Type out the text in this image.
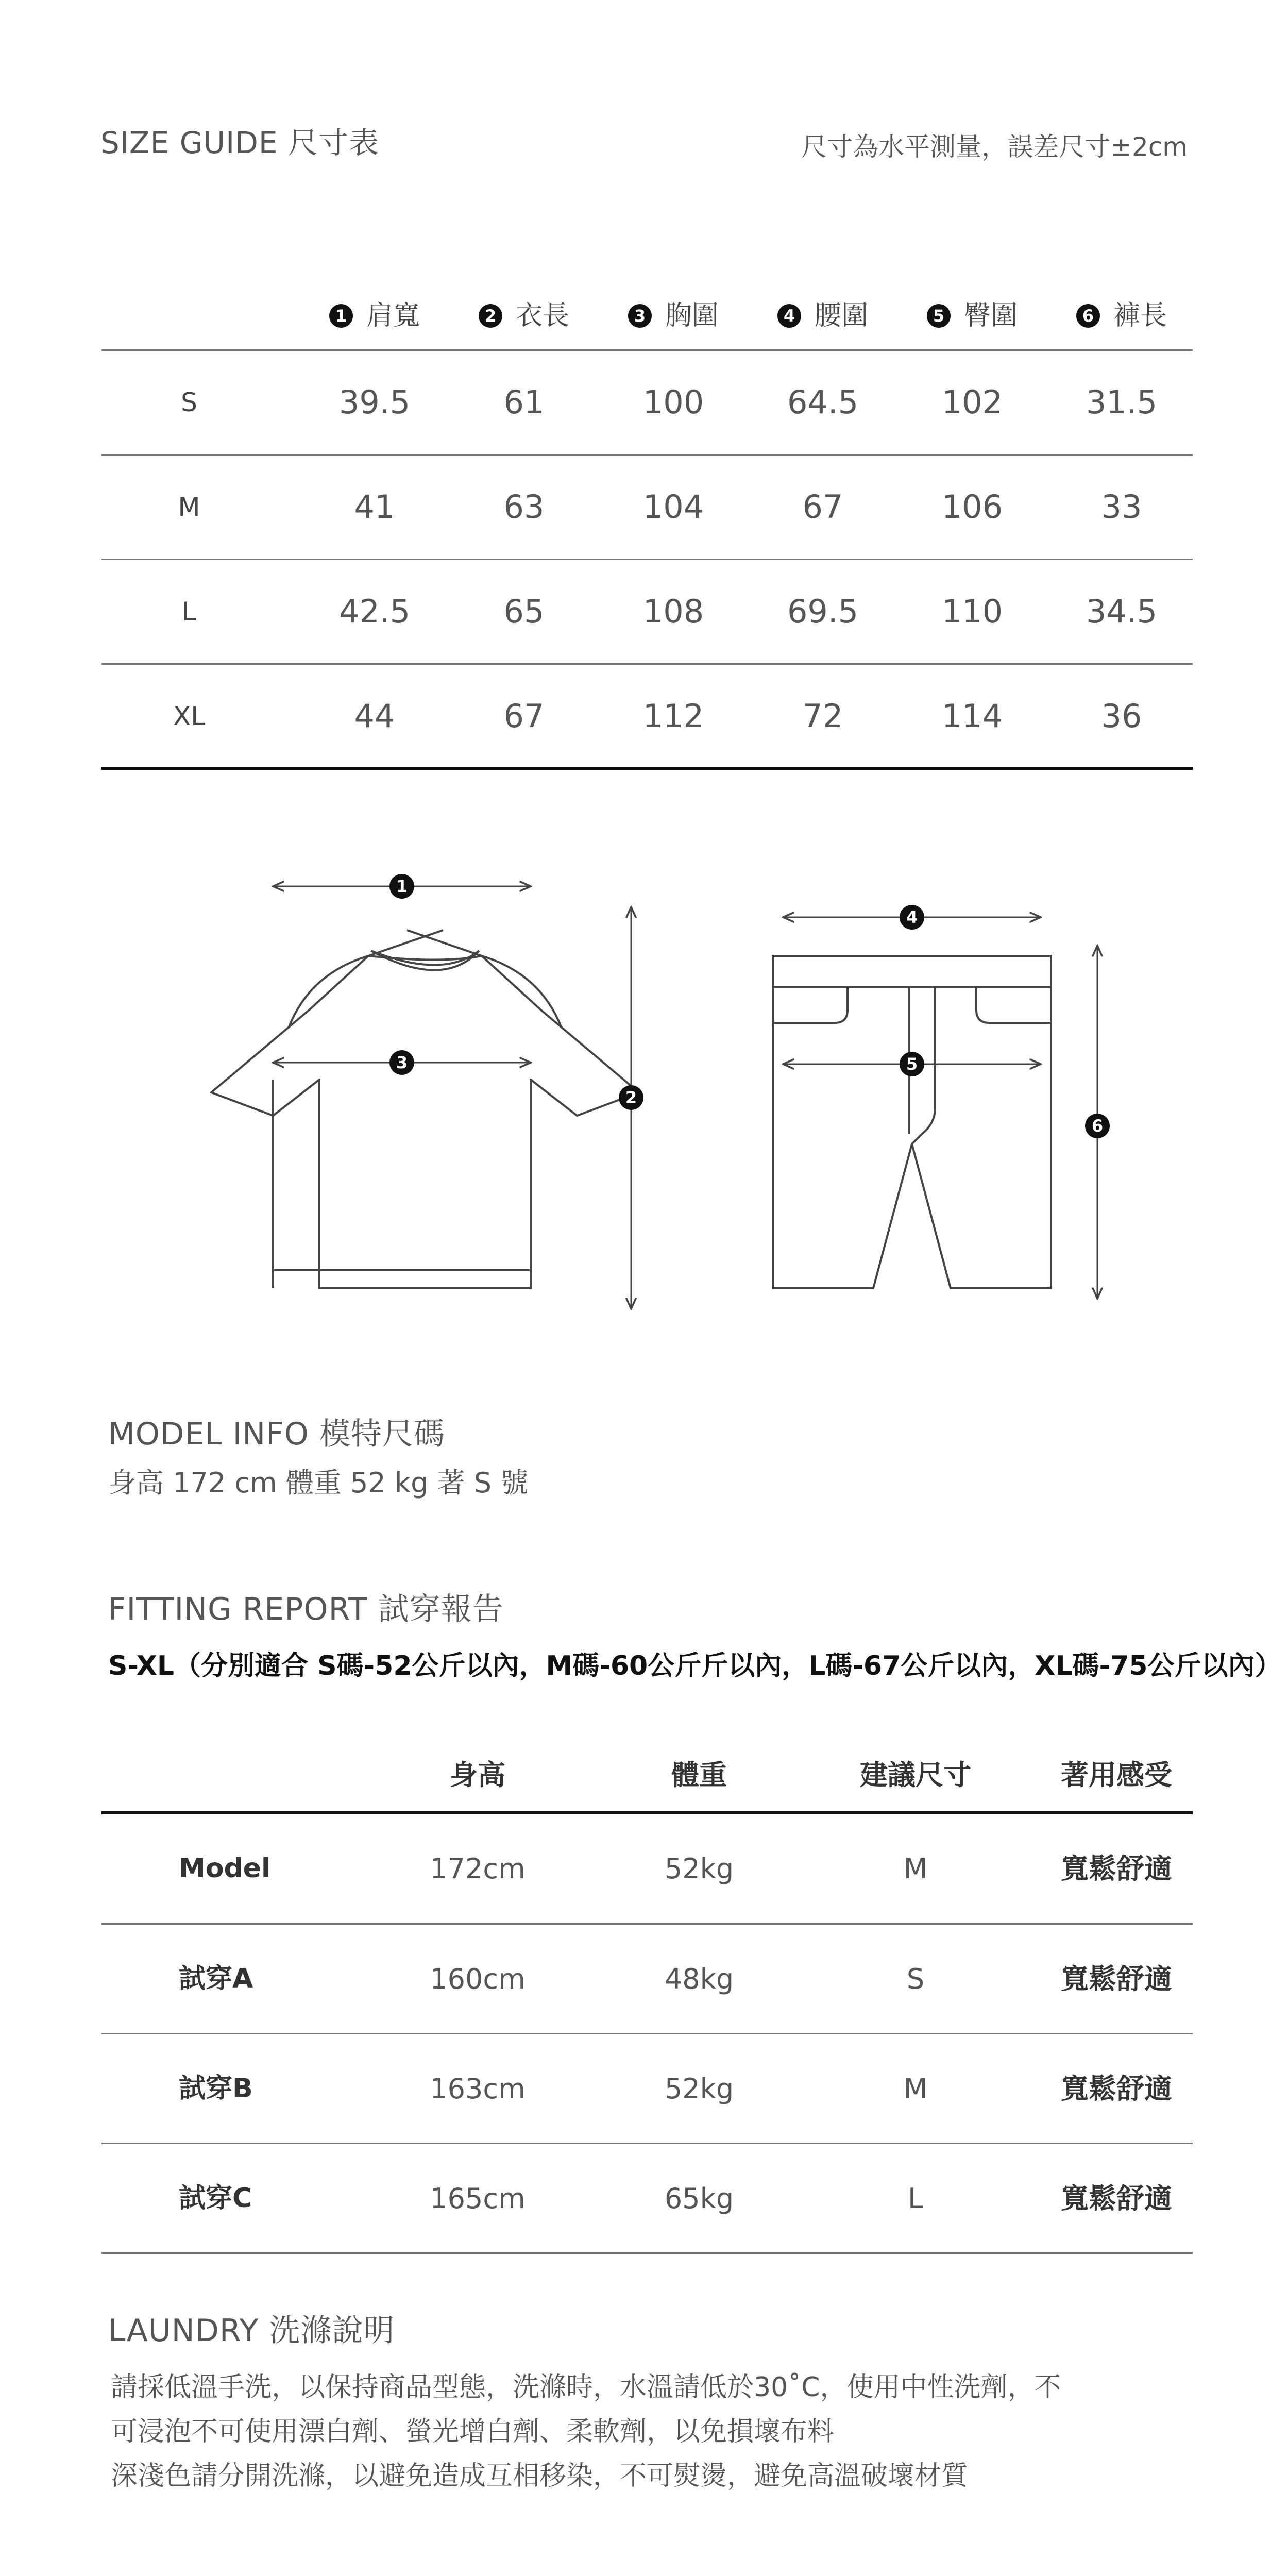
SIZE GUIDE 尺寸表	尺寸為水平測量，誤差尺寸±2cm
1 肩寬	2 衣長	3 胸圍	4 腰圍	5 臀圍	6 褲長
S	39.5	61	100	64.5	102	31.5
M	41	63	104	67	106	33
L	42.5	65	108	69.5	110	34.5
XL	44	67	112	72	114	36
1
3
2
4
5
6
MODEL INFO 模特尺碼
身高 172 cm 體重 52 kg 著 S 號
FITTING REPORT 試穿報告
S-XL（分別適合 S碼-52公斤以內，M碼-60公斤斤以內，L碼-67公斤以內，XL碼-75公斤以內）
身高	體重	建議尺寸	著用感受
Model	172cm	52kg	M	寬鬆舒適
試穿A	160cm	48kg	S	寬鬆舒適
試穿B	163cm	52kg	M	寬鬆舒適
試穿C	165cm	65kg	L	寬鬆舒適
LAUNDRY 洗滌說明
請採低溫手洗，以保持商品型態，洗滌時，水溫請低於30˚C，使用中性洗劑，不
可浸泡不可使用漂白劑、螢光增白劑、柔軟劑，以免損壞布料
深淺色請分開洗滌，以避免造成互相移染，不可熨燙，避免高溫破壞材質
